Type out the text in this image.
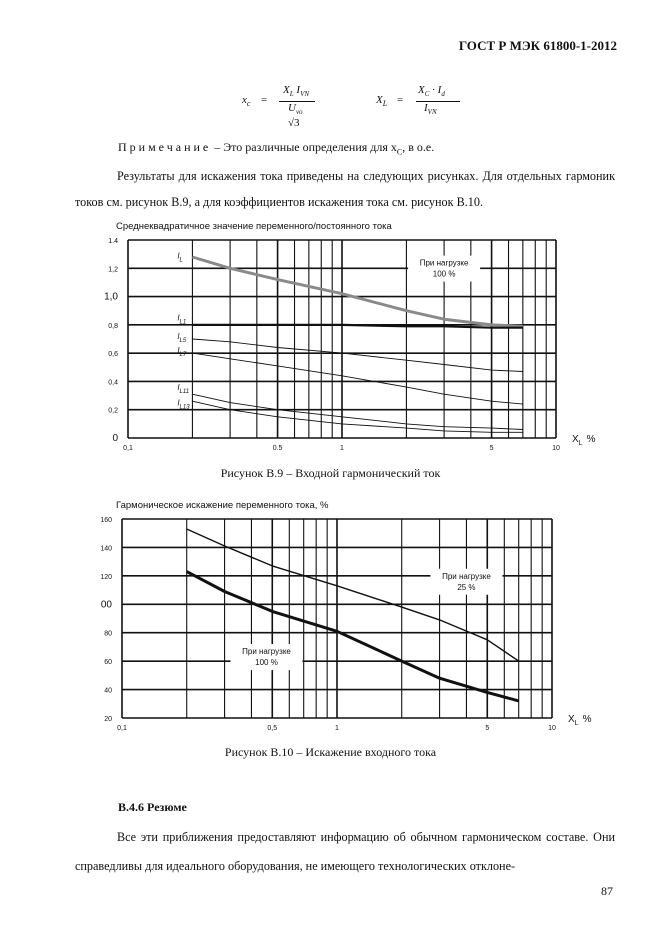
ГОСТ Р МЭК 61800-1-2012
$x_c$ =
$X_L$ $I_{VN}$
$U_{vo}$
√3
$X_L$ =
$X_C \cdot I_d$
$I_{VN}$
Примечание – Это различные определения для $x_C$, в о.е.
Результаты для искажения тока приведены на следующих рисунках. Для отдельных гармоник токов см. рисунок B.9, а для коэффициентов искажения тока см. рисунок B.10.
Среднеквадратичное значение переменного/постоянного тока
1.4
1,2
1,0
0,8
0,6
0,4
0,2
0
0,1	0.5	1	5	10
$X_L$ %
$I_L$
$I_{L1}$
$I_{L5}$
$I_{L7}$
$I_{L11}$
$I_{L13}$
При нагрузке
100 %
Рисунок B.9 – Входной гармонический ток
Гармоническое искажение переменного тока, %
160
140
120
00
80
60
40
20
0,1	0,5	1	5	10
$X_L$ %
При нагрузке
25 %
При нагрузке
100 %
Рисунок B.10 – Искажение входного тока
B.4.6 Резюме
Все эти приближения предоставляют информацию об обычном гармоническом составе. Они справедливы для идеального оборудования, не имеющего технологических отклоне-
87
